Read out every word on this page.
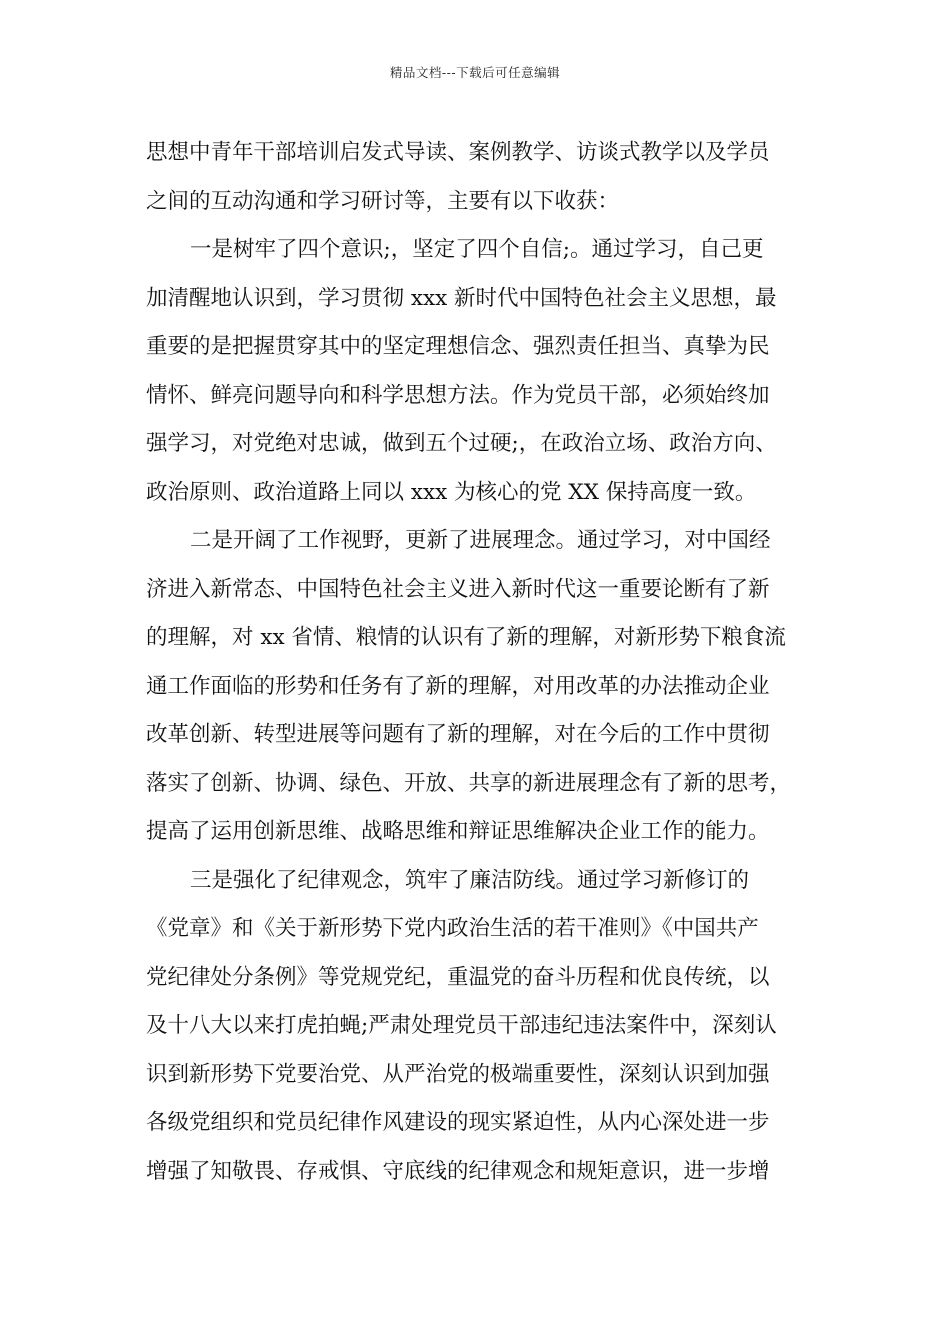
精品文档---下载后可任意编辑
思想中青年干部培训启发式导读、案例教学、访谈式教学以及学员
之间的互动沟通和学习研讨等，主要有以下收获：
一是树牢了四个意识;，坚定了四个自信;。通过学习，自己更
加清醒地认识到，学习贯彻 xxx 新时代中国特色社会主义思想，最
重要的是把握贯穿其中的坚定理想信念、强烈责任担当、真挚为民
情怀、鲜亮问题导向和科学思想方法。作为党员干部，必须始终加
强学习，对党绝对忠诚，做到五个过硬;，在政治立场、政治方向、
政治原则、政治道路上同以 xxx 为核心的党 XX 保持高度一致。
二是开阔了工作视野，更新了进展理念。通过学习，对中国经
济进入新常态、中国特色社会主义进入新时代这一重要论断有了新
的理解，对 xx 省情、粮情的认识有了新的理解，对新形势下粮食流
通工作面临的形势和任务有了新的理解，对用改革的办法推动企业
改革创新、转型进展等问题有了新的理解，对在今后的工作中贯彻
落实了创新、协调、绿色、开放、共享的新进展理念有了新的思考，
提高了运用创新思维、战略思维和辩证思维解决企业工作的能力。
三是强化了纪律观念，筑牢了廉洁防线。通过学习新修订的
《党章》和《关于新形势下党内政治生活的若干准则》《中国共产
党纪律处分条例》等党规党纪，重温党的奋斗历程和优良传统，以
及十八大以来打虎拍蝇;严肃处理党员干部违纪违法案件中，深刻认
识到新形势下党要治党、从严治党的极端重要性，深刻认识到加强
各级党组织和党员纪律作风建设的现实紧迫性，从内心深处进一步
增强了知敬畏、存戒惧、守底线的纪律观念和规矩意识，进一步增
